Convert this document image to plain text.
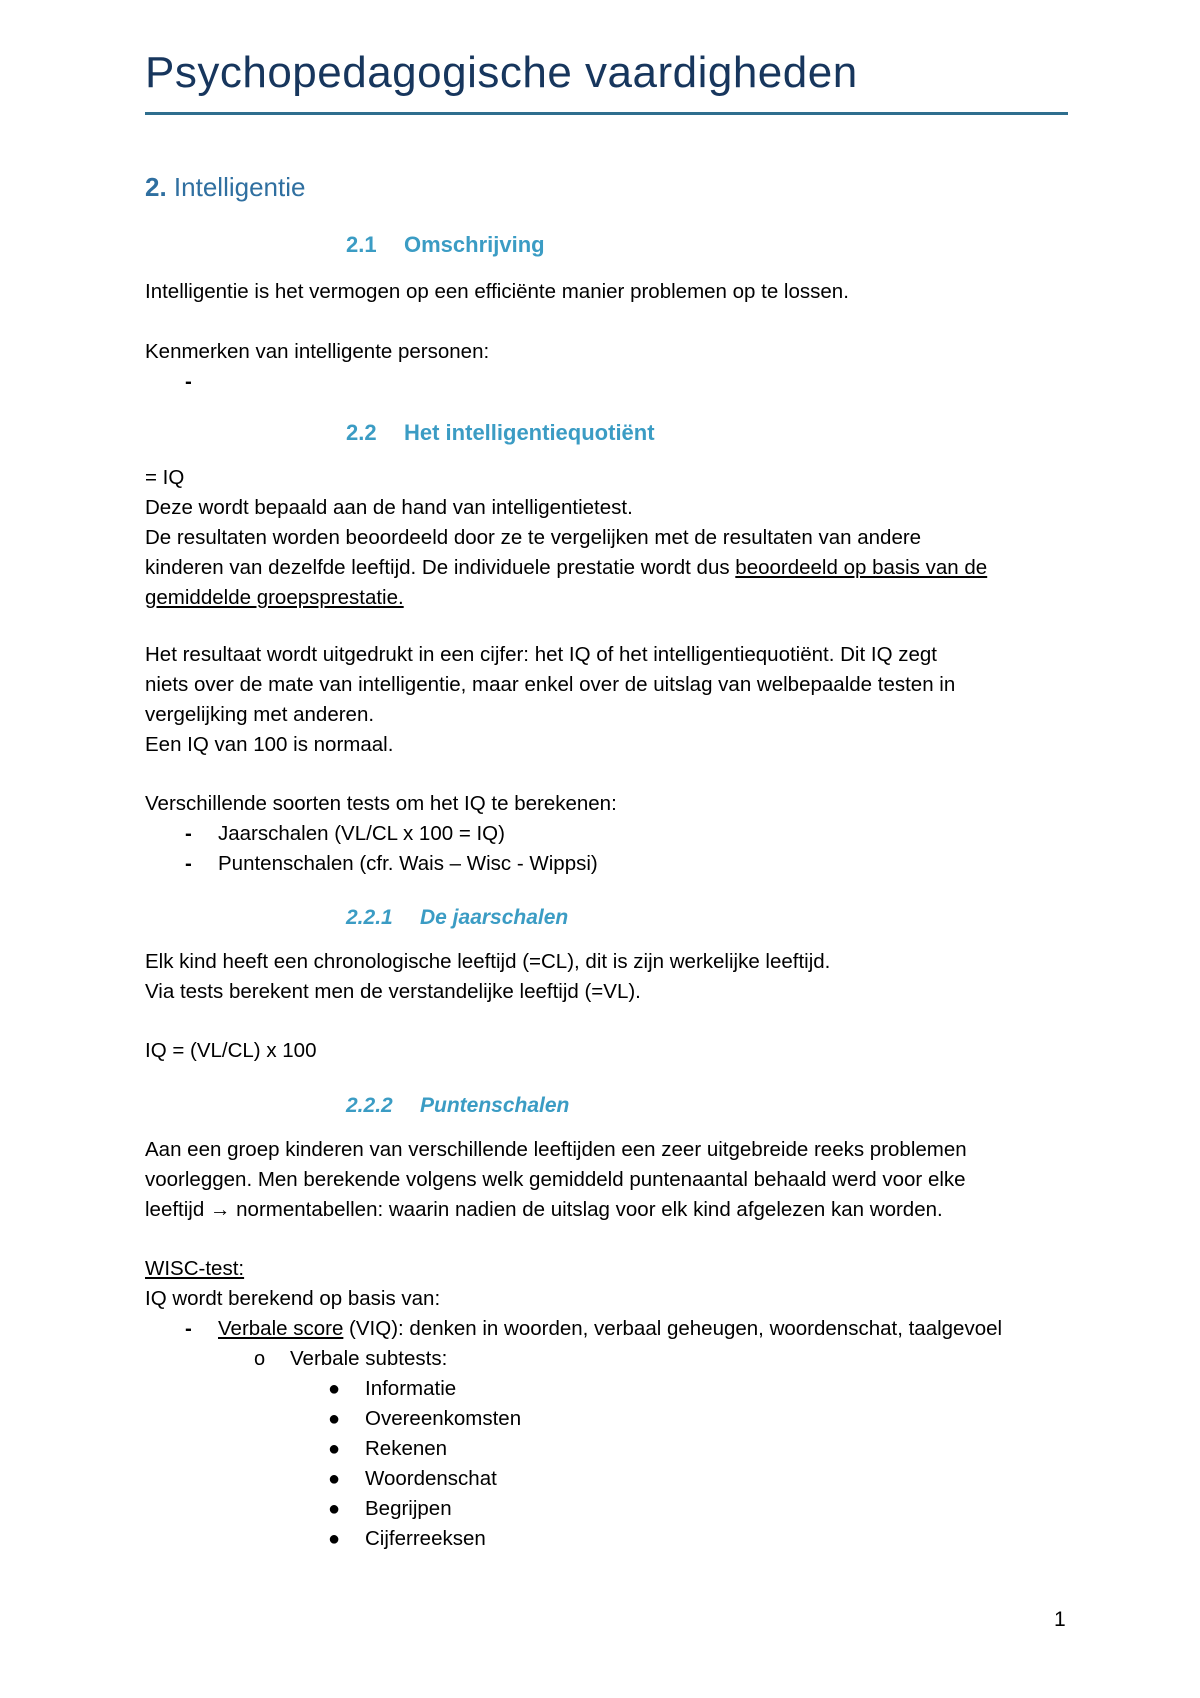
Psychopedagogische vaardigheden
2. Intelligentie
2.1 Omschrijving
Intelligentie is het vermogen op een efficiënte manier problemen op te lossen.
Kenmerken van intelligente personen:
-
2.2 Het intelligentiequotiënt
= IQ
Deze wordt bepaald aan de hand van intelligentietest.
De resultaten worden beoordeeld door ze te vergelijken met de resultaten van andere
kinderen van dezelfde leeftijd. De individuele prestatie wordt dus beoordeeld op basis van de
gemiddelde groepsprestatie.
Het resultaat wordt uitgedrukt in een cijfer: het IQ of het intelligentiequotiënt. Dit IQ zegt
niets over de mate van intelligentie, maar enkel over de uitslag van welbepaalde testen in
vergelijking met anderen.
Een IQ van 100 is normaal.
Verschillende soorten tests om het IQ te berekenen:
- Jaarschalen (VL/CL x 100 = IQ)
- Puntenschalen (cfr. Wais – Wisc - Wippsi)
2.2.1 De jaarschalen
Elk kind heeft een chronologische leeftijd (=CL), dit is zijn werkelijke leeftijd.
Via tests berekent men de verstandelijke leeftijd (=VL).
IQ = (VL/CL) x 100
2.2.2 Puntenschalen
Aan een groep kinderen van verschillende leeftijden een zeer uitgebreide reeks problemen
voorleggen. Men berekende volgens welk gemiddeld puntenaantal behaald werd voor elke
leeftijd → normentabellen: waarin nadien de uitslag voor elk kind afgelezen kan worden.
WISC-test:
IQ wordt berekend op basis van:
- Verbale score (VIQ): denken in woorden, verbaal geheugen, woordenschat, taalgevoel
o Verbale subtests:
● Informatie
● Overeenkomsten
● Rekenen
● Woordenschat
● Begrijpen
● Cijferreeksen
1
